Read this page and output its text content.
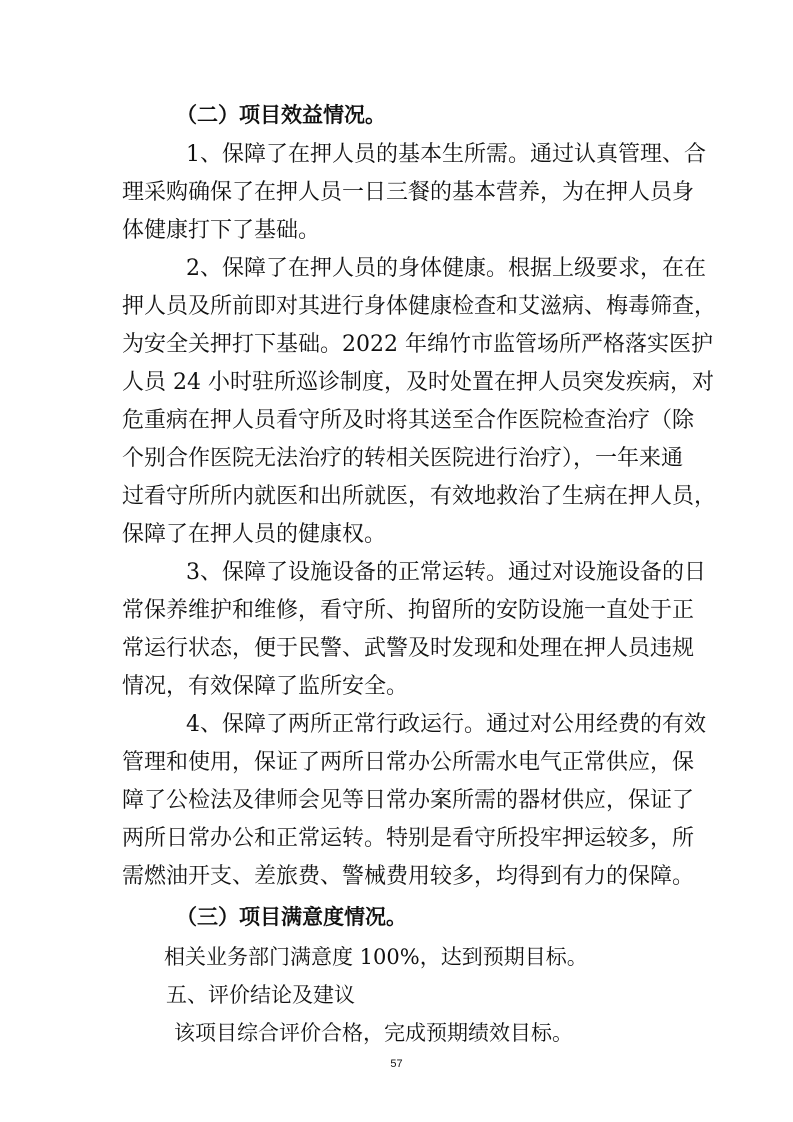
（二）项目效益情况。
1、保障了在押人员的基本生所需。通过认真管理、合
理采购确保了在押人员一日三餐的基本营养，为在押人员身
体健康打下了基础。
2、保障了在押人员的身体健康。根据上级要求，在在
押人员及所前即对其进行身体健康检查和艾滋病、梅毒筛查，
为安全关押打下基础。2022 年绵竹市监管场所严格落实医护
人员 24 小时驻所巡诊制度，及时处置在押人员突发疾病，对
危重病在押人员看守所及时将其送至合作医院检查治疗（除
个别合作医院无法治疗的转相关医院进行治疗），一年来通
过看守所所内就医和出所就医，有效地救治了生病在押人员，
保障了在押人员的健康权。
3、保障了设施设备的正常运转。通过对设施设备的日
常保养维护和维修，看守所、拘留所的安防设施一直处于正
常运行状态，便于民警、武警及时发现和处理在押人员违规
情况，有效保障了监所安全。
4、保障了两所正常行政运行。通过对公用经费的有效
管理和使用，保证了两所日常办公所需水电气正常供应，保
障了公检法及律师会见等日常办案所需的器材供应，保证了
两所日常办公和正常运转。特别是看守所投牢押运较多，所
需燃油开支、差旅费、警械费用较多，均得到有力的保障。
（三）项目满意度情况。
相关业务部门满意度 100%，达到预期目标。
五、评价结论及建议
该项目综合评价合格，完成预期绩效目标。
57
